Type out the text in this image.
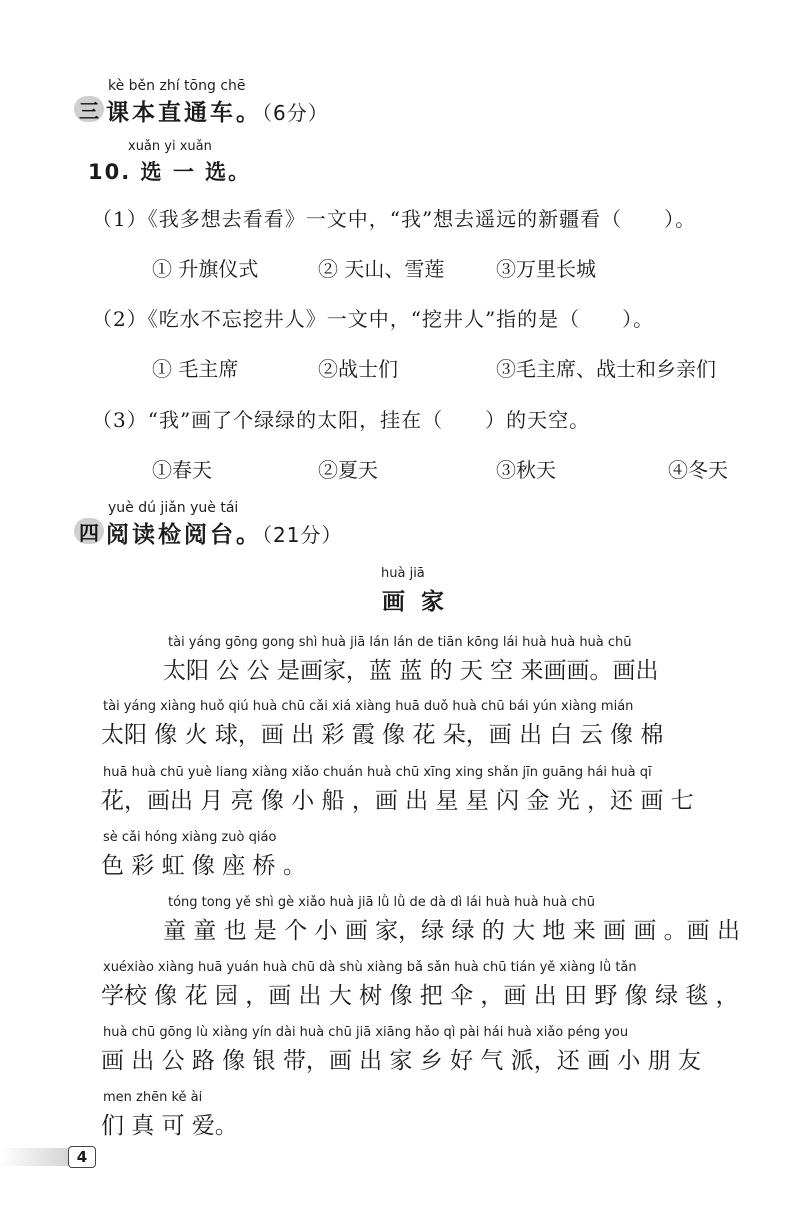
kè běn zhí tōng chē
三 课本直通车。（6分）
xuǎn yi xuǎn
10. 选 一 选。
（1）《我多想去看看》一文中，“我”想去遥远的新疆看（　　）。
① 升旗仪式	② 天山、雪莲	③万里长城
（2）《吃水不忘挖井人》一文中，“挖井人”指的是（　　）。
① 毛主席	②战士们	③毛主席、战士和乡亲们
（3）“我”画了个绿绿的太阳，挂在（　　）的天空。
①春天	②夏天	③秋天	④冬天
yuè dú jiǎn yuè tái
四 阅读检阅台。（21分）
huà jiā
画 家
tài yáng gōng gong shì huà jiā lán lán de tiān kōng lái huà huà huà chū
太阳 公 公 是画家，蓝 蓝 的 天 空 来画画。画出
tài yáng xiàng huǒ qiú huà chū cǎi xiá xiàng huā duǒ huà chū bái yún xiàng mián
太阳 像 火 球，画 出 彩 霞 像 花 朵，画 出 白 云 像 棉
huā huà chū yuè liang xiàng xiǎo chuán huà chū xīng xing shǎn jīn guāng hái huà qī
花，画出 月 亮 像 小 船 ，画 出 星 星 闪 金 光 ，还 画 七
sè cǎi hóng xiàng zuò qiáo
色 彩 虹 像 座 桥 。
tóng tong yě shì gè xiǎo huà jiā lǜ lǜ de dà dì lái huà huà huà chū
童 童 也 是 个 小 画 家，绿 绿 的 大 地 来 画 画 。画 出
xuéxiào xiàng huā yuán huà chū dà shù xiàng bǎ sǎn huà chū tián yě xiàng lǜ tǎn
学校 像 花 园 ，画 出 大 树 像 把 伞 ，画 出 田 野 像 绿 毯 ，
huà chū gōng lù xiàng yín dài huà chū jiā xiāng hǎo qì pài hái huà xiǎo péng you
画 出 公 路 像 银 带，画 出 家 乡 好 气 派，还 画 小 朋 友
men zhēn kě ài
们 真 可 爱。
4
